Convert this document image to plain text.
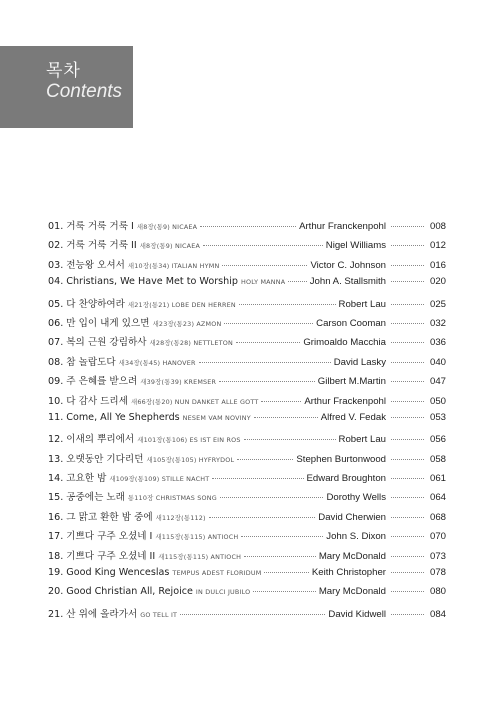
목차
Contents
01. 거룩 거룩 거룩 I 새8장(통9) NICAEA	Arthur Franckenpohl	008
02. 거룩 거룩 거룩 II 새8장(통9) NICAEA	Nigel Williams	012
03. 전능왕 오셔서 새10장(통34) ITALIAN HYMN	Victor C. Johnson	016
04. Christians, We Have Met to Worship HOLY MANNA	John A. Stallsmith	020
05. 다 찬양하여라 새21장(통21) LOBE DEN HERREN	Robert Lau	025
06. 만 입이 내게 있으면 새23장(통23) AZMON	Carson Cooman	032
07. 복의 근원 강림하사 새28장(통28) NETTLETON	Grimoaldo Macchia	036
08. 참 놀랍도다 새34장(통45) HANOVER	David Lasky	040
09. 주 은혜를 받으려 새39장(통39) KREMSER	Gilbert M.Martin	047
10. 다 감사 드리세 새66장(통20) NUN DANKET ALLE GOTT	Arthur Frackenpohl	050
11. Come, All Ye Shepherds NESEM VAM NOVINY	Alfred V. Fedak	053
12. 이새의 뿌리에서 새101장(통106) ES IST EIN ROS	Robert Lau	056
13. 오랫동안 기다리던 새105장(통105) HYFRYDOL	Stephen Burtonwood	058
14. 고요한 밤 새109장(통109) STILLE NACHT	Edward Broughton	061
15. 공중에는 노래 통110장 CHRISTMAS SONG	Dorothy Wells	064
16. 그 맑고 환한 밤 중에 새112장(통112)	David Cherwien	068
17. 기쁘다 구주 오셨네 I 새115장(통115) ANTIOCH	John S. Dixon	070
18. 기쁘다 구주 오셨네 II 새115장(통115) ANTIOCH	Mary McDonald	073
19. Good King Wenceslas TEMPUS ADEST FLORIDUM	Keith Christopher	078
20. Good Christian All, Rejoice IN DULCI JUBILO	Mary McDonald	080
21. 산 위에 올라가서 GO TELL IT	David Kidwell	084
